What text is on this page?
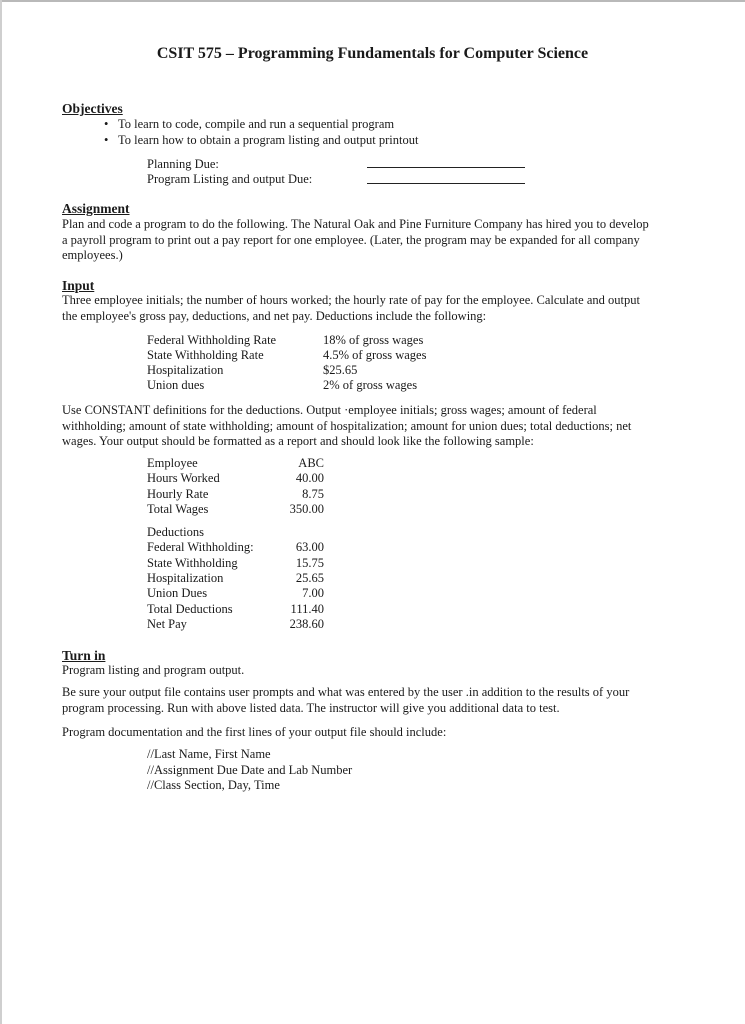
CSIT 575 – Programming Fundamentals for Computer Science
Objectives
• To learn to code, compile and run a sequential program
• To learn how to obtain a program listing and output printout
Planning Due:
Program Listing and output Due:
Assignment
Plan and code a program to do the following. The Natural Oak and Pine Furniture Company has hired you to develop
a payroll program to print out a pay report for one employee. (Later, the program may be expanded for all company
employees.)
Input
Three employee initials; the number of hours worked; the hourly rate of pay for the employee. Calculate and output
the employee's gross pay, deductions, and net pay. Deductions include the following:
Federal Withholding Rate	18% of gross wages
State Withholding Rate	4.5% of gross wages
Hospitalization	$25.65
Union dues	2% of gross wages
Use CONSTANT definitions for the deductions. Output ·employee initials; gross wages; amount of federal
withholding; amount of state withholding; amount of hospitalization; amount for union dues; total deductions; net
wages. Your output should be formatted as a report and should look like the following sample:
Employee	ABC
Hours Worked	40.00
Hourly Rate	8.75
Total Wages	350.00
Deductions
Federal Withholding:	63.00
State Withholding	15.75
Hospitalization	25.65
Union Dues	7.00
Total Deductions	111.40
Net Pay	238.60
Turn in
Program listing and program output.
Be sure your output file contains user prompts and what was entered by the user .in addition to the results of your
program processing. Run with above listed data. The instructor will give you additional data to test.
Program documentation and the first lines of your output file should include:
//Last Name, First Name
//Assignment Due Date and Lab Number
//Class Section, Day, Time
